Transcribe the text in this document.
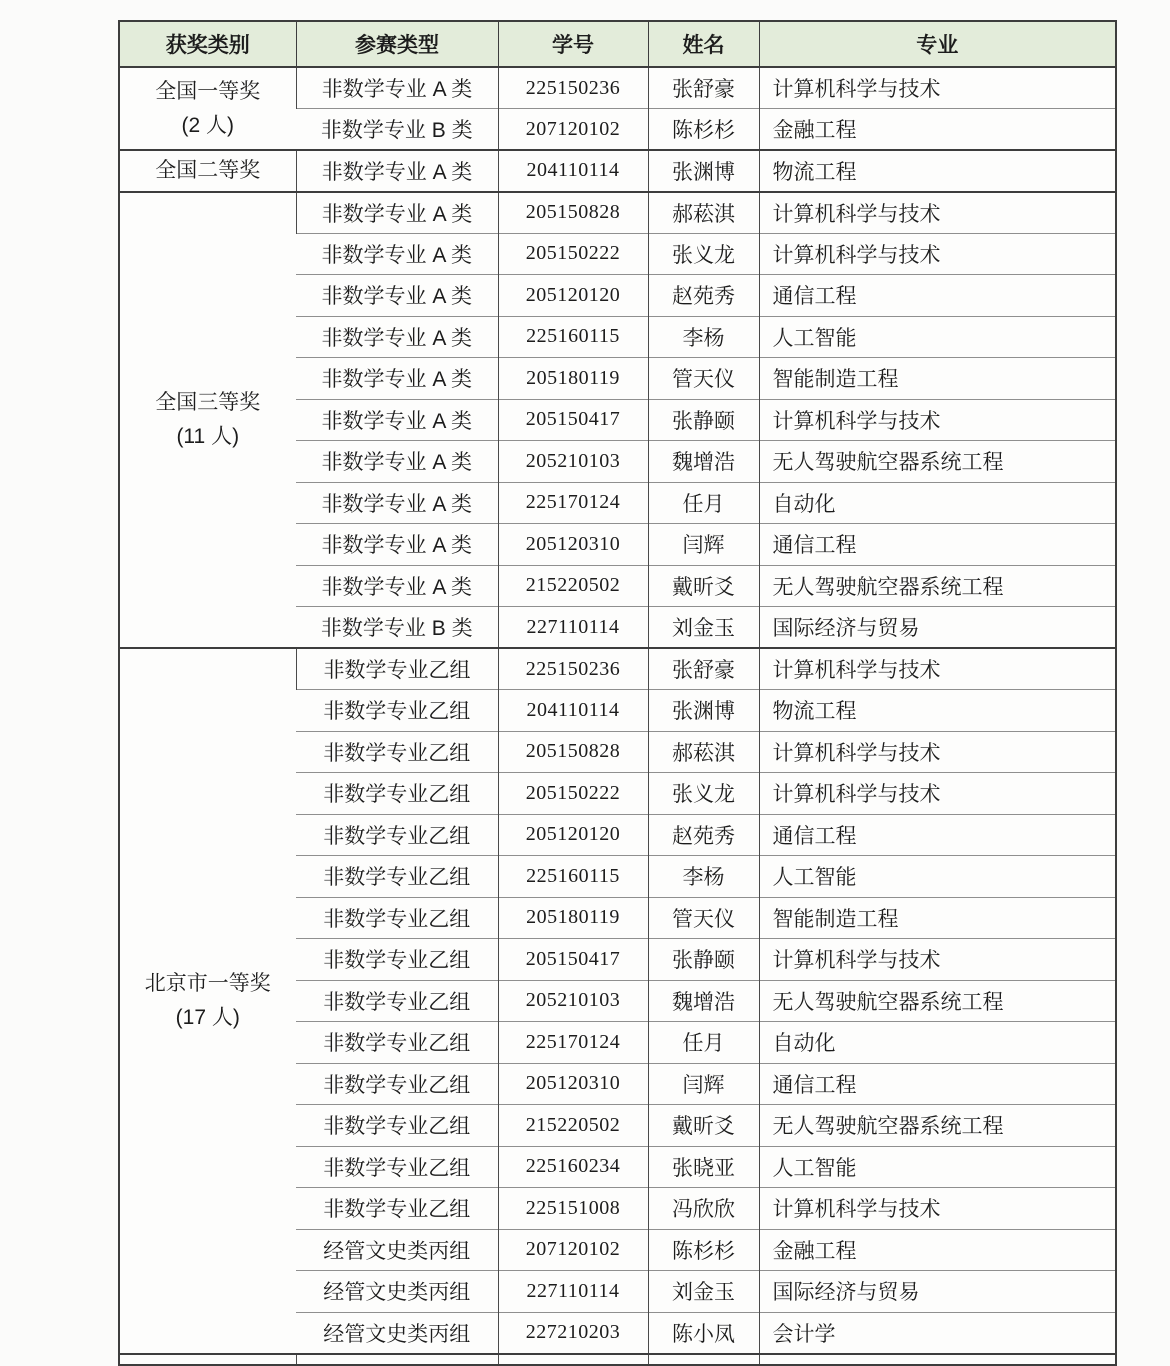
获奖类别	参赛类型	学号	姓名	专业

全国一等奖
(2 人)	非数学专业 A 类	225150236	张舒豪	计算机科学与技术
	非数学专业 B 类	207120102	陈杉杉	金融工程

全国二等奖	非数学专业 A 类	204110114	张渊博	物流工程

全国三等奖
(11 人)	非数学专业 A 类	205150828	郝菘淇	计算机科学与技术
	非数学专业 A 类	205150222	张义龙	计算机科学与技术
	非数学专业 A 类	205120120	赵苑秀	通信工程
	非数学专业 A 类	225160115	李杨	人工智能
	非数学专业 A 类	205180119	管天仪	智能制造工程
	非数学专业 A 类	205150417	张静颐	计算机科学与技术
	非数学专业 A 类	205210103	魏增浩	无人驾驶航空器系统工程
	非数学专业 A 类	225170124	任月	自动化
	非数学专业 A 类	205120310	闫辉	通信工程
	非数学专业 A 类	215220502	戴昕爻	无人驾驶航空器系统工程
	非数学专业 B 类	227110114	刘金玉	国际经济与贸易

北京市一等奖
(17 人)	非数学专业乙组	225150236	张舒豪	计算机科学与技术
	非数学专业乙组	204110114	张渊博	物流工程
	非数学专业乙组	205150828	郝菘淇	计算机科学与技术
	非数学专业乙组	205150222	张义龙	计算机科学与技术
	非数学专业乙组	205120120	赵苑秀	通信工程
	非数学专业乙组	225160115	李杨	人工智能
	非数学专业乙组	205180119	管天仪	智能制造工程
	非数学专业乙组	205150417	张静颐	计算机科学与技术
	非数学专业乙组	205210103	魏增浩	无人驾驶航空器系统工程
	非数学专业乙组	225170124	任月	自动化
	非数学专业乙组	205120310	闫辉	通信工程
	非数学专业乙组	215220502	戴昕爻	无人驾驶航空器系统工程
	非数学专业乙组	225160234	张晓亚	人工智能
	非数学专业乙组	225151008	冯欣欣	计算机科学与技术
	经管文史类丙组	207120102	陈杉杉	金融工程
	经管文史类丙组	227110114	刘金玉	国际经济与贸易
	经管文史类丙组	227210203	陈小凤	会计学
